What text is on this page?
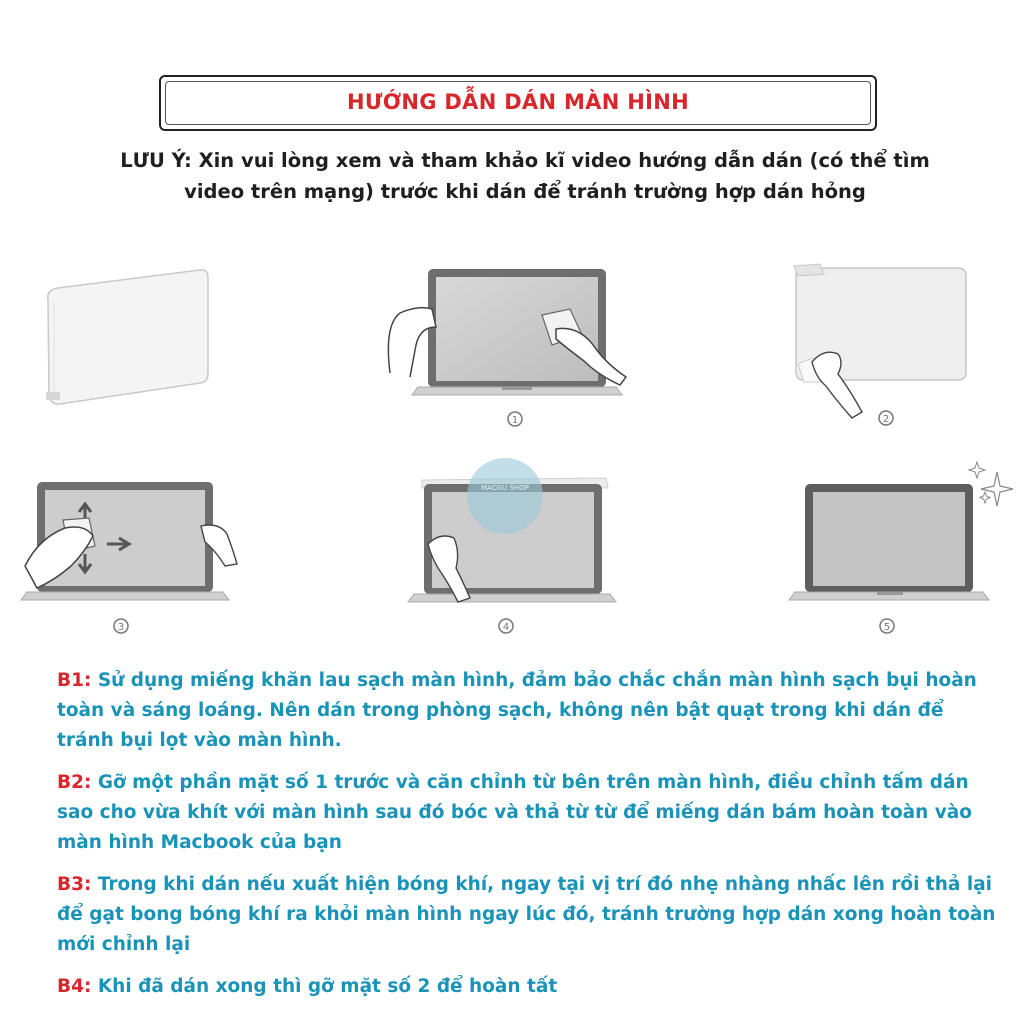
HƯỚNG DẪN DÁN MÀN HÌNH
LƯU Ý: Xin vui lòng xem và tham khảo kĩ video hướng dẫn dán (có thể tìm
video trên mạng) trước khi dán để tránh trường hợp dán hỏng
1	2
3
MACGU SHOP
4	5
B1: Sử dụng miếng khăn lau sạch màn hình, đảm bảo chắc chắn màn hình sạch bụi hoàn toàn và sáng loáng. Nên dán trong phòng sạch, không nên bật quạt trong khi dán để tránh bụi lọt vào màn hình.
B2: Gỡ một phần mặt số 1 trước và căn chỉnh từ bên trên màn hình, điều chỉnh tấm dán sao cho vừa khít với màn hình sau đó bóc và thả từ từ để miếng dán bám hoàn toàn vào màn hình Macbook của bạn
B3: Trong khi dán nếu xuất hiện bóng khí, ngay tại vị trí đó nhẹ nhàng nhấc lên rồi thả lại để gạt bong bóng khí ra khỏi màn hình ngay lúc đó, tránh trường hợp dán xong hoàn toàn mới chỉnh lại
B4: Khi đã dán xong thì gỡ mặt số 2 để hoàn tất
